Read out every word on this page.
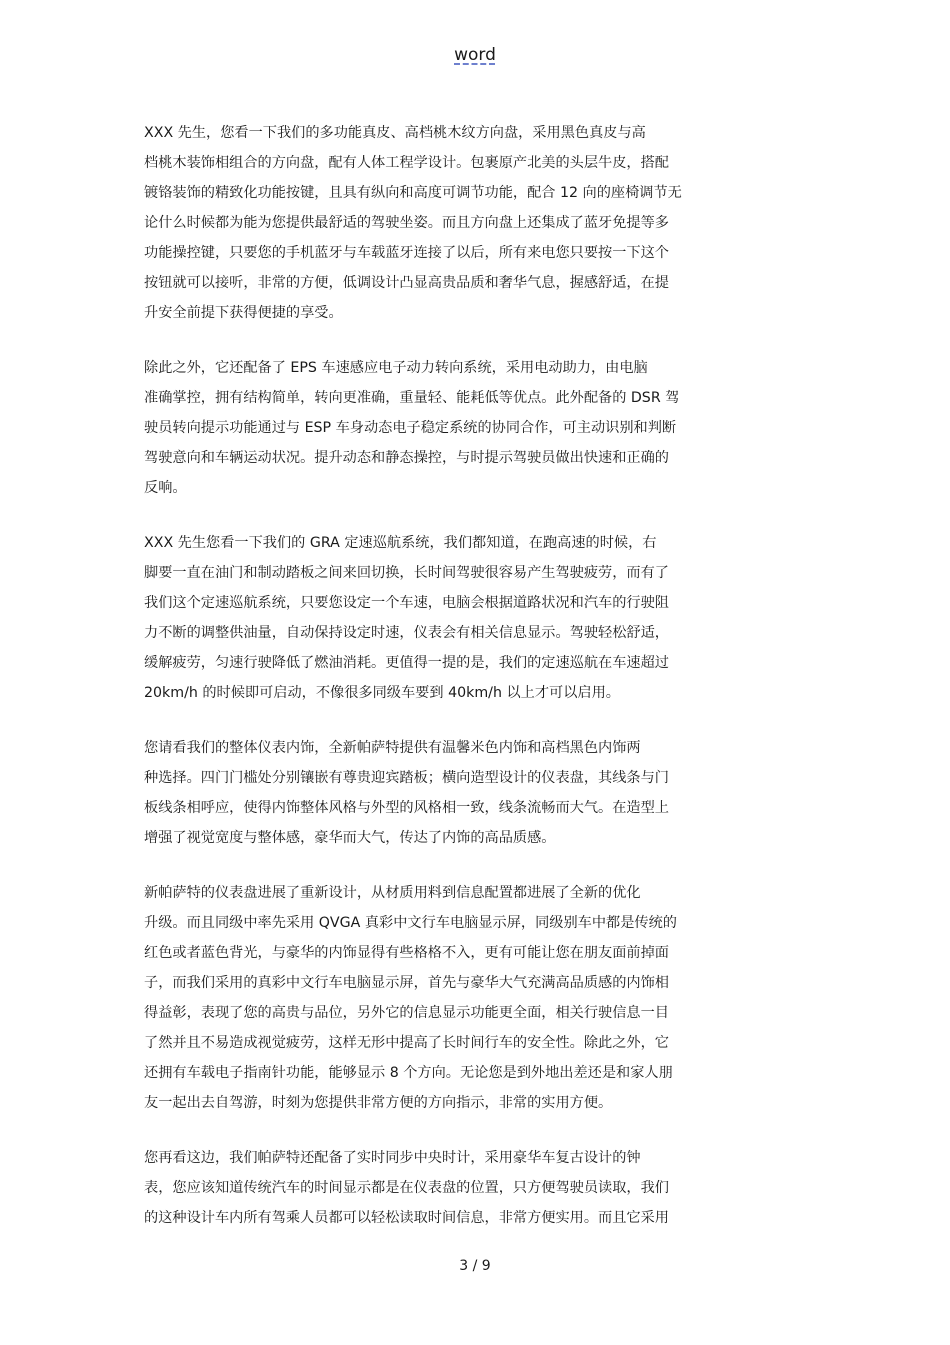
word

XXX 先生，您看一下我们的多功能真皮、高档桃木纹方向盘，采用黑色真皮与高
档桃木装饰相组合的方向盘，配有人体工程学设计。包裹原产北美的头层牛皮，搭配
镀铬装饰的精致化功能按键，且具有纵向和高度可调节功能，配合 12 向的座椅调节无
论什么时候都为能为您提供最舒适的驾驶坐姿。而且方向盘上还集成了蓝牙免提等多
功能操控键，只要您的手机蓝牙与车载蓝牙连接了以后，所有来电您只要按一下这个
按钮就可以接听，非常的方便，低调设计凸显高贵品质和奢华气息，握感舒适，在提
升安全前提下获得便捷的享受。

除此之外，它还配备了 EPS 车速感应电子动力转向系统，采用电动助力，由电脑
准确掌控，拥有结构简单，转向更准确，重量轻、能耗低等优点。此外配备的 DSR 驾
驶员转向提示功能通过与 ESP 车身动态电子稳定系统的协同合作，可主动识别和判断
驾驶意向和车辆运动状况。提升动态和静态操控，与时提示驾驶员做出快速和正确的
反响。

XXX 先生您看一下我们的 GRA 定速巡航系统，我们都知道，在跑高速的时候，右
脚要一直在油门和制动踏板之间来回切换，长时间驾驶很容易产生驾驶疲劳，而有了
我们这个定速巡航系统，只要您设定一个车速，电脑会根据道路状况和汽车的行驶阻
力不断的调整供油量，自动保持设定时速，仪表会有相关信息显示。驾驶轻松舒适，
缓解疲劳，匀速行驶降低了燃油消耗。更值得一提的是，我们的定速巡航在车速超过
20km/h 的时候即可启动，不像很多同级车要到 40km/h 以上才可以启用。

您请看我们的整体仪表内饰，全新帕萨特提供有温馨米色内饰和高档黑色内饰两
种选择。四门门槛处分别镶嵌有尊贵迎宾踏板；横向造型设计的仪表盘，其线条与门
板线条相呼应，使得内饰整体风格与外型的风格相一致，线条流畅而大气。在造型上
增强了视觉宽度与整体感，豪华而大气，传达了内饰的高品质感。

新帕萨特的仪表盘进展了重新设计，从材质用料到信息配置都进展了全新的优化
升级。而且同级中率先采用 QVGA 真彩中文行车电脑显示屏，同级别车中都是传统的
红色或者蓝色背光，与豪华的内饰显得有些格格不入，更有可能让您在朋友面前掉面
子，而我们采用的真彩中文行车电脑显示屏，首先与豪华大气充满高品质感的内饰相
得益彰，表现了您的高贵与品位，另外它的信息显示功能更全面，相关行驶信息一目
了然并且不易造成视觉疲劳，这样无形中提高了长时间行车的安全性。除此之外，它
还拥有车载电子指南针功能，能够显示 8 个方向。无论您是到外地出差还是和家人朋
友一起出去自驾游，时刻为您提供非常方便的方向指示，非常的实用方便。

您再看这边，我们帕萨特还配备了实时同步中央时计，采用豪华车复古设计的钟
表，您应该知道传统汽车的时间显示都是在仪表盘的位置，只方便驾驶员读取，我们
的这种设计车内所有驾乘人员都可以轻松读取时间信息，非常方便实用。而且它采用

3 / 9
